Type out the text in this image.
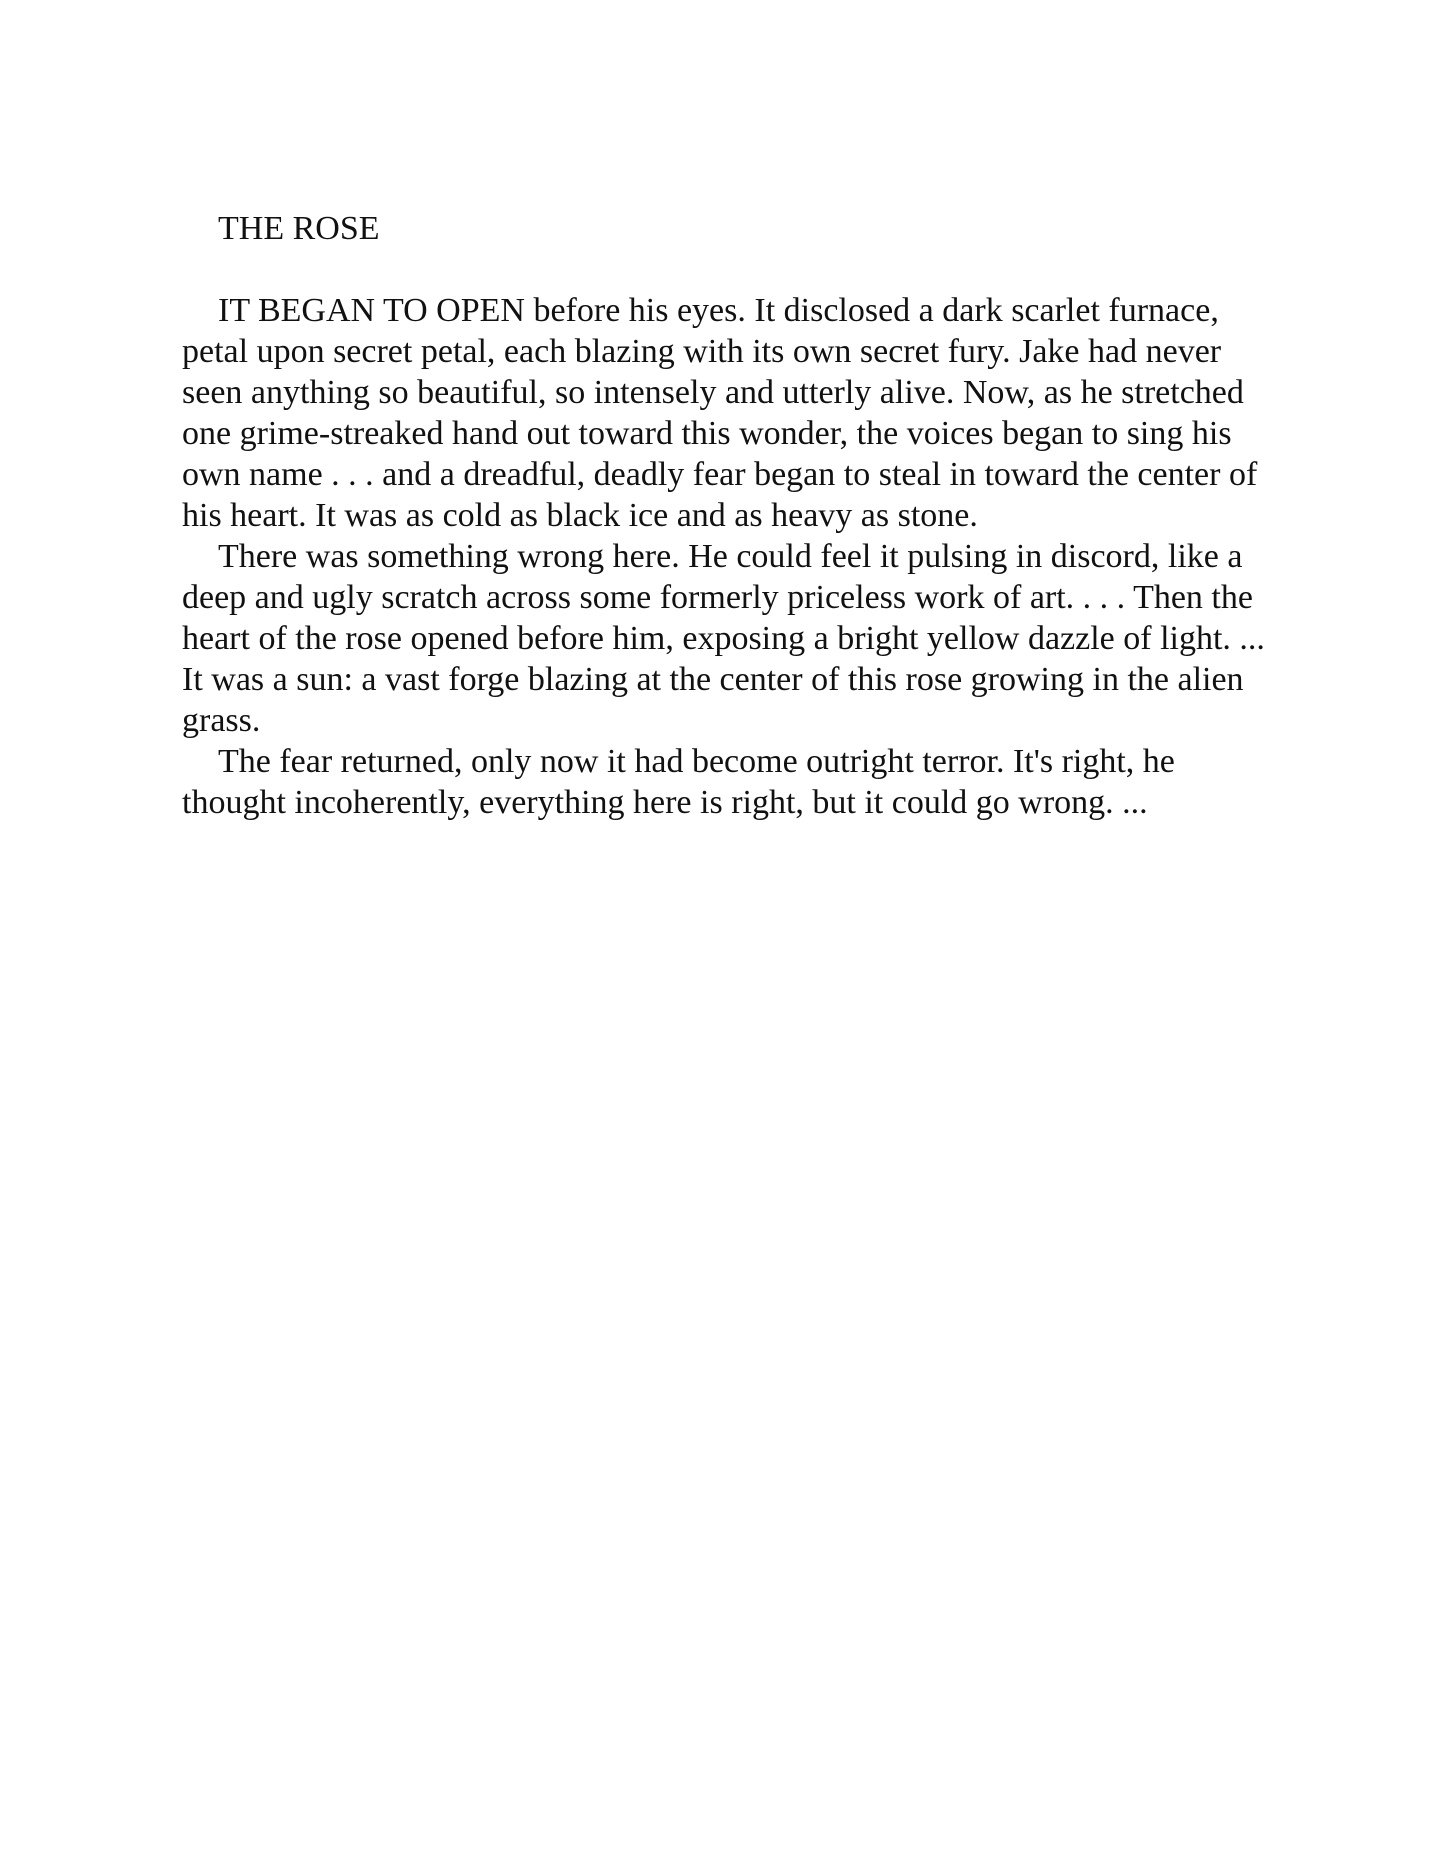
THE ROSE

IT BEGAN TO OPEN before his eyes. It disclosed a dark scarlet furnace, petal upon secret petal, each blazing with its own secret fury. Jake had never seen anything so beautiful, so intensely and utterly alive. Now, as he stretched one grime-streaked hand out toward this wonder, the voices began to sing his own name . . . and a dreadful, deadly fear began to steal in toward the center of his heart. It was as cold as black ice and as heavy as stone.

There was something wrong here. He could feel it pulsing in discord, like a deep and ugly scratch across some formerly priceless work of art. . . . Then the heart of the rose opened before him, exposing a bright yellow dazzle of light. ... It was a sun: a vast forge blazing at the center of this rose growing in the alien grass.

The fear returned, only now it had become outright terror. It's right, he thought incoherently, everything here is right, but it could go wrong. ...
